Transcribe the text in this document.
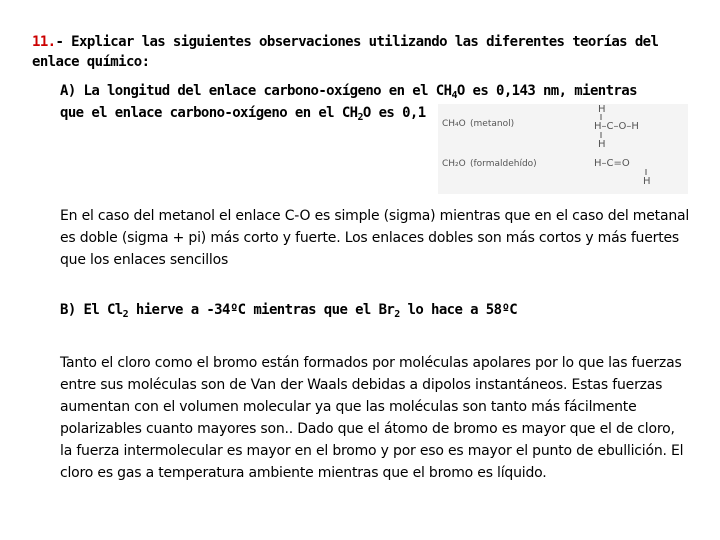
11.- Explicar las siguientes observaciones utilizando las diferentes teorías del enlace químico:
A) La longitud del enlace carbono-oxígeno en el $CH_4O$ es 0,143 nm, mientras
que el enlace carbono-oxígeno en el $CH_2O$ es 0,1
CH₄O (metanol)
CH₂O (formaldehído)
H
H–C–O–H
H
H–C=O
H
En el caso del metanol el enlace C-O es simple (sigma) mientras que en el caso del metanal es doble (sigma + pi) más corto y fuerte. Los enlaces dobles son más cortos y más fuertes que los enlaces sencillos
B) El $Cl_2$ hierve a -34ºC mientras que el $Br_2$ lo hace a 58ºC
Tanto el cloro como el bromo están formados por moléculas apolares por lo que las fuerzas entre sus moléculas son de Van der Waals debidas a dipolos instantáneos. Estas fuerzas aumentan con el volumen molecular ya que las moléculas son tanto más fácilmente polarizables cuanto mayores son.. Dado que el átomo de bromo es mayor que el de cloro, la fuerza intermolecular es mayor en el bromo y por eso es mayor el punto de ebullición. El cloro es gas a temperatura ambiente mientras que el bromo es líquido.
